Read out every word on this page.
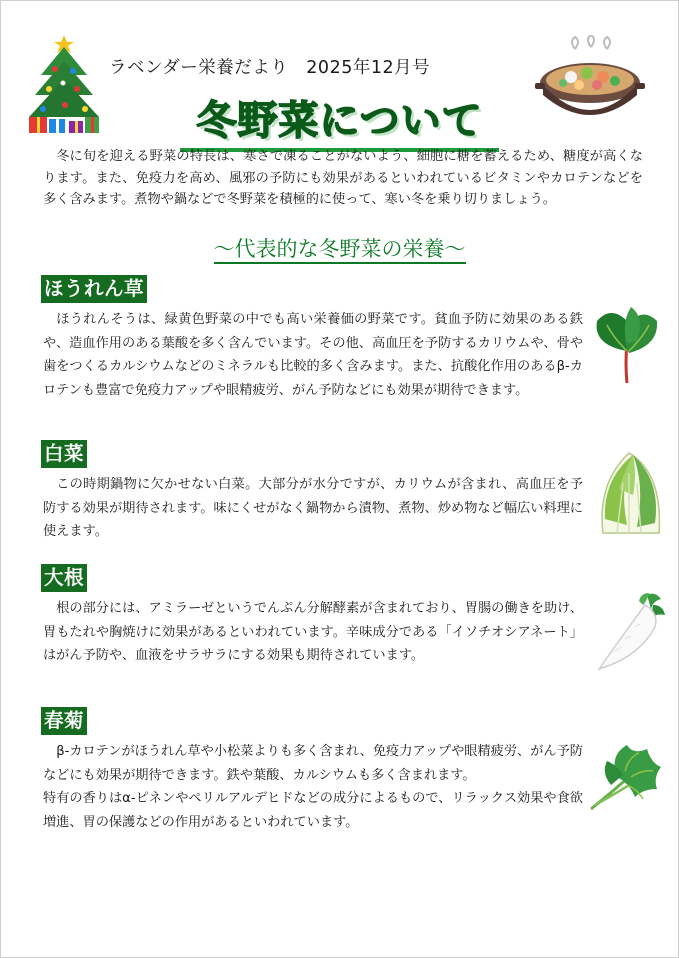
ラベンダー栄養だより　2025年12月号
冬野菜について
冬に旬を迎える野菜の特長は、寒さで凍ることがないよう、細胞に糖を蓄えるため、糖度が高くなります。また、免疫力を高め、風邪の予防にも効果があるといわれているビタミンやカロテンなどを多く含みます。煮物や鍋などで冬野菜を積極的に使って、寒い冬を乗り切りましょう。
～代表的な冬野菜の栄養～
ほうれん草
ほうれんそうは、緑黄色野菜の中でも高い栄養価の野菜です。貧血予防に効果のある鉄や、造血作用のある葉酸を多く含んでいます。その他、高血圧を予防するカリウムや、骨や歯をつくるカルシウムなどのミネラルも比較的多く含みます。また、抗酸化作用のあるβ-カロテンも豊富で免疫力アップや眼精疲労、がん予防などにも効果が期待できます。
白菜
この時期鍋物に欠かせない白菜。大部分が水分ですが、カリウムが含まれ、高血圧を予防する効果が期待されます。味にくせがなく鍋物から漬物、煮物、炒め物など幅広い料理に使えます。
大根
根の部分には、アミラーゼというでんぷん分解酵素が含まれており、胃腸の働きを助け、胃もたれや胸焼けに効果があるといわれています。辛味成分である「イソチオシアネート」はがん予防や、血液をサラサラにする効果も期待されています。
春菊
β-カロテンがほうれん草や小松菜よりも多く含まれ、免疫力アップや眼精疲労、がん予防などにも効果が期待できます。鉄や葉酸、カルシウムも多く含まれます。
特有の香りはα-ピネンやペリルアルデヒドなどの成分によるもので、リラックス効果や食欲増進、胃の保護などの作用があるといわれています。
